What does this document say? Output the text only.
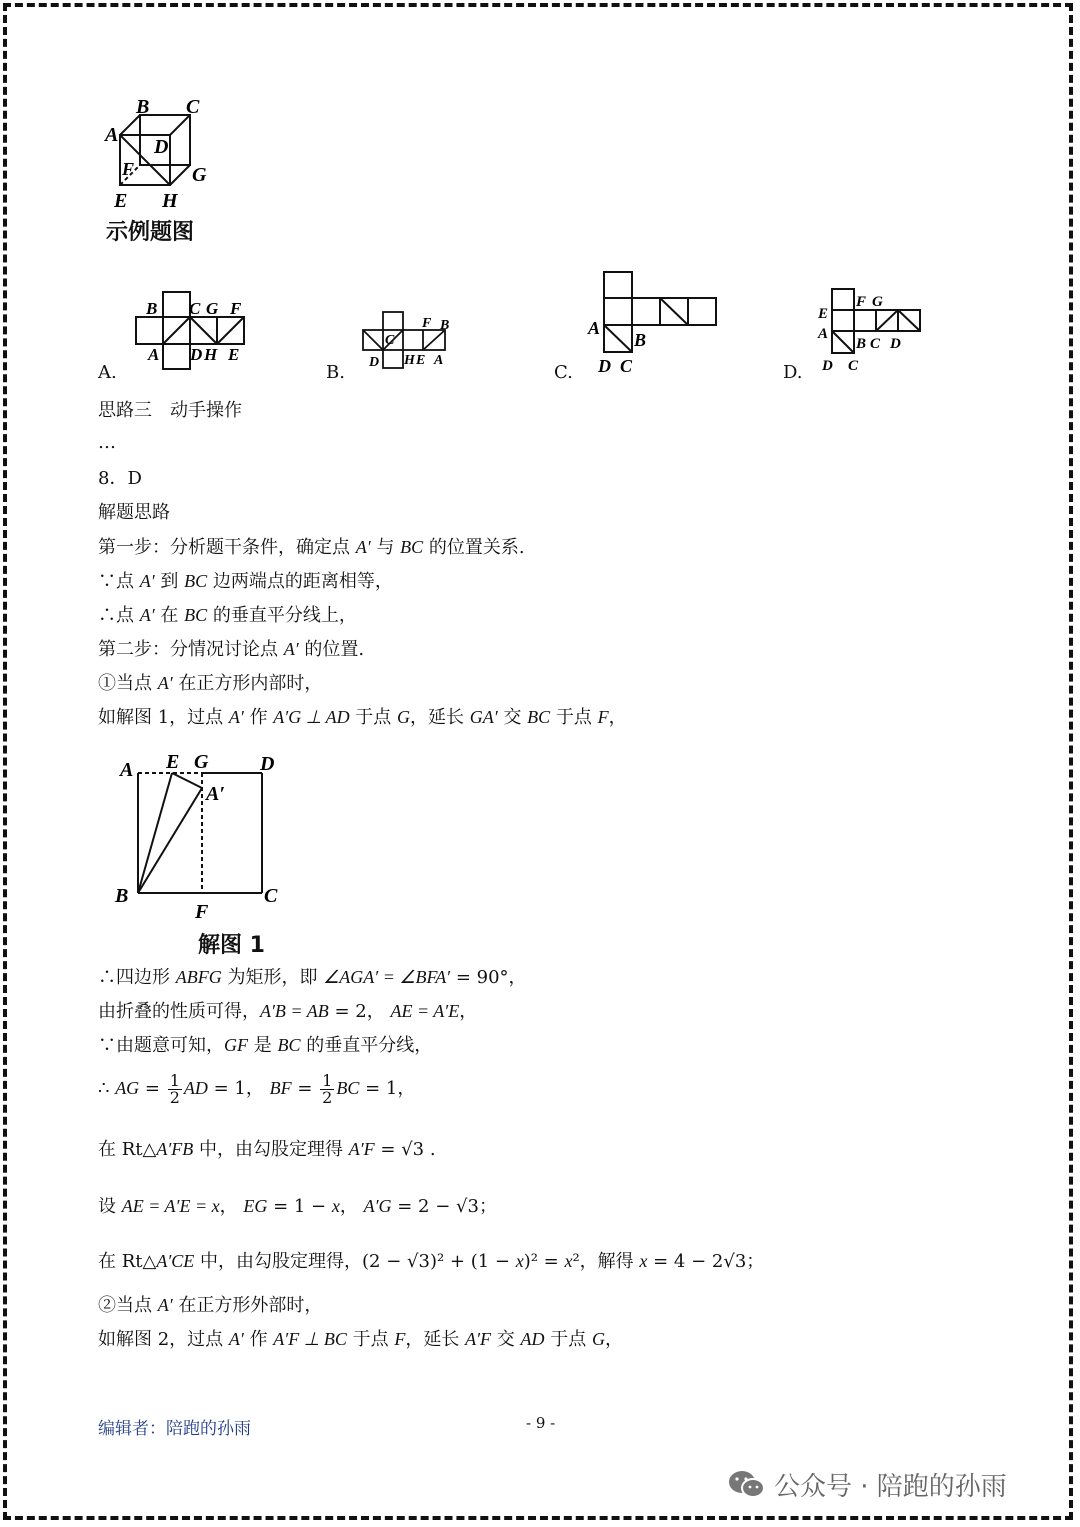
A
B C
D
F	G
E H
示例题图
B C G F
A D H E
A.
C
F B
D H E A
B.
A
B
D C
C.
E
F G
A
B C D
D C
D.
思路三　动手操作
…
8．D
解题思路
第一步：分析题干条件，确定点 A′ 与 BC 的位置关系.
∵点 A′ 到 BC 边两端点的距离相等，
∴点 A′ 在 BC 的垂直平分线上，
第二步：分情况讨论点 A′ 的位置.
①当点 A′ 在正方形内部时，
如解图 1，过点 A′ 作 A′G ⊥ AD 于点 G，延长 GA′ 交 BC 于点 F，
A E G	D
A′
B
F
C
解图 1
∴四边形 ABFG 为矩形，即 ∠AGA′ = ∠BFA′ = 90°，
由折叠的性质可得，A′B = AB = 2， AE = A′E，
∵由题意可知，GF 是 BC 的垂直平分线，
∴ AG = $\frac{1}{2}$ AD = 1， BF = $\frac{1}{2}$ BC = 1，
在 Rt△A′FB 中，由勾股定理得 A′F = √3 .
设 AE = A′E = x， EG = 1 − x， A′G = 2 − √3；
在 Rt△A′CE 中，由勾股定理得，(2 − √3)² + (1 − x)² = x²，解得 x = 4 − 2√3；
②当点 A′ 在正方形外部时，
如解图 2，过点 A′ 作 A′F ⊥ BC 于点 F，延长 A′F 交 AD 于点 G，
编辑者：陪跑的孙雨	- 9 -
公众号 · 陪跑的孙雨
